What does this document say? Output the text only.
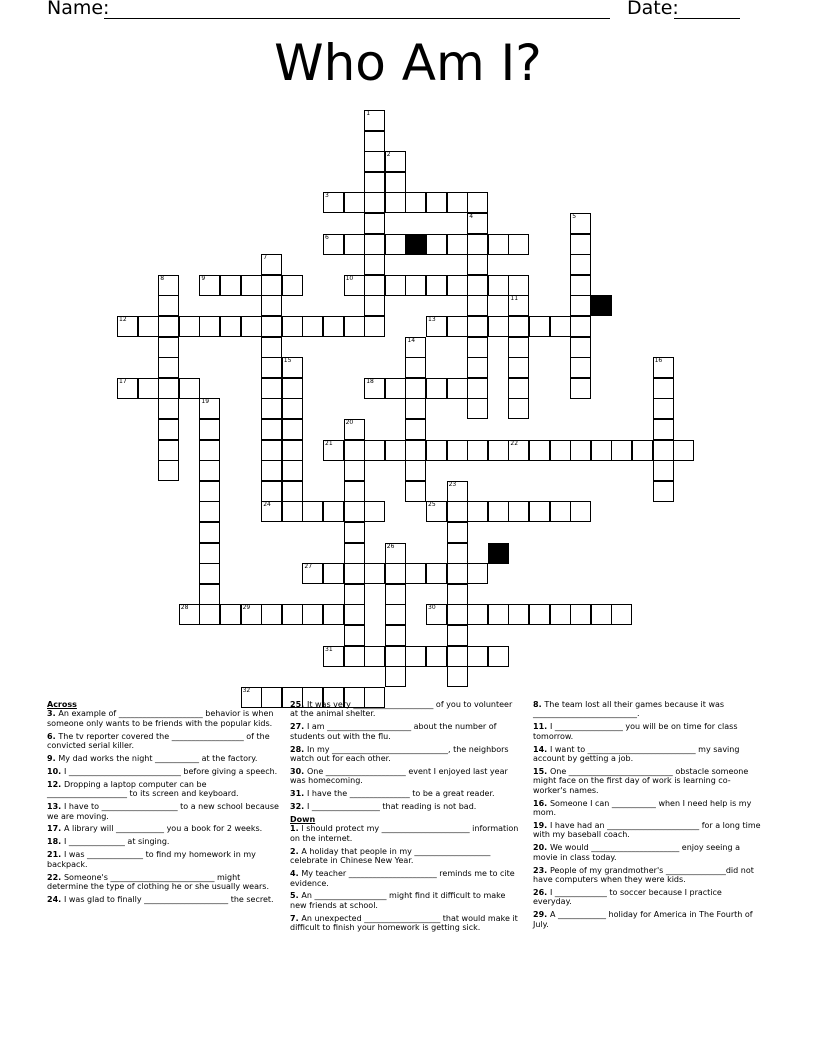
Name:	Date:
Who Am I?
1
2
3
4	5
6
7
24
8	9	10
11
12	13
14
15	16
17	18
19
20
21	22
23
25
26
27
28	29	30
31
32
Across
3. An example of _____________________ behavior is when someone only wants to be friends with the popular kids.
6. The tv reporter covered the __________________ of the convicted serial killer.
9. My dad works the night ___________ at the factory.
10. I ____________________________ before giving a speech.
12. Dropping a laptop computer can be ____________________ to its screen and keyboard.
13. I have to ___________________ to a new school because we are moving.
17. A library will ____________ you a book for 2 weeks.
18. I ______________ at singing.
21. I was ______________ to find my homework in my backpack.
22. Someone's __________________________ might determine the type of clothing he or she usually wears.
24. I was glad to finally _____________________ the secret.
25. It was very ____________________ of you to volunteer at the animal shelter.
27. I am _____________________ about the number of students out with the flu.
28. In my _____________________________, the neighbors watch out for each other.
30. One ____________________ event I enjoyed last year was homecoming.
31. I have the _______________ to be a great reader.
32. I _________________ that reading is not bad.
Down
1. I should protect my ______________________ information on the internet.
2. A holiday that people in my ___________________ celebrate in Chinese New Year.
4. My teacher ______________________ reminds me to cite evidence.
5. An __________________ might find it difficult to make new friends at school.
7. An unexpected ___________________ that would make it difficult to finish your homework is getting sick.
8. The team lost all their games because it was __________________________.
11. I _________________ you will be on time for class tomorrow.
14. I want to ___________________________ my saving account by getting a job.
15. One __________________________ obstacle someone might face on the first day of work is learning co-worker's names.
16. Someone I can ___________ when I need help is my mom.
19. I have had an _______________________ for a long time with my baseball coach.
20. We would ______________________ enjoy seeing a movie in class today.
23. People of my grandmother's _______________did not have computers when they were kids.
26. I _____________ to soccer because I practice everyday.
29. A ____________ holiday for America in The Fourth of July.
